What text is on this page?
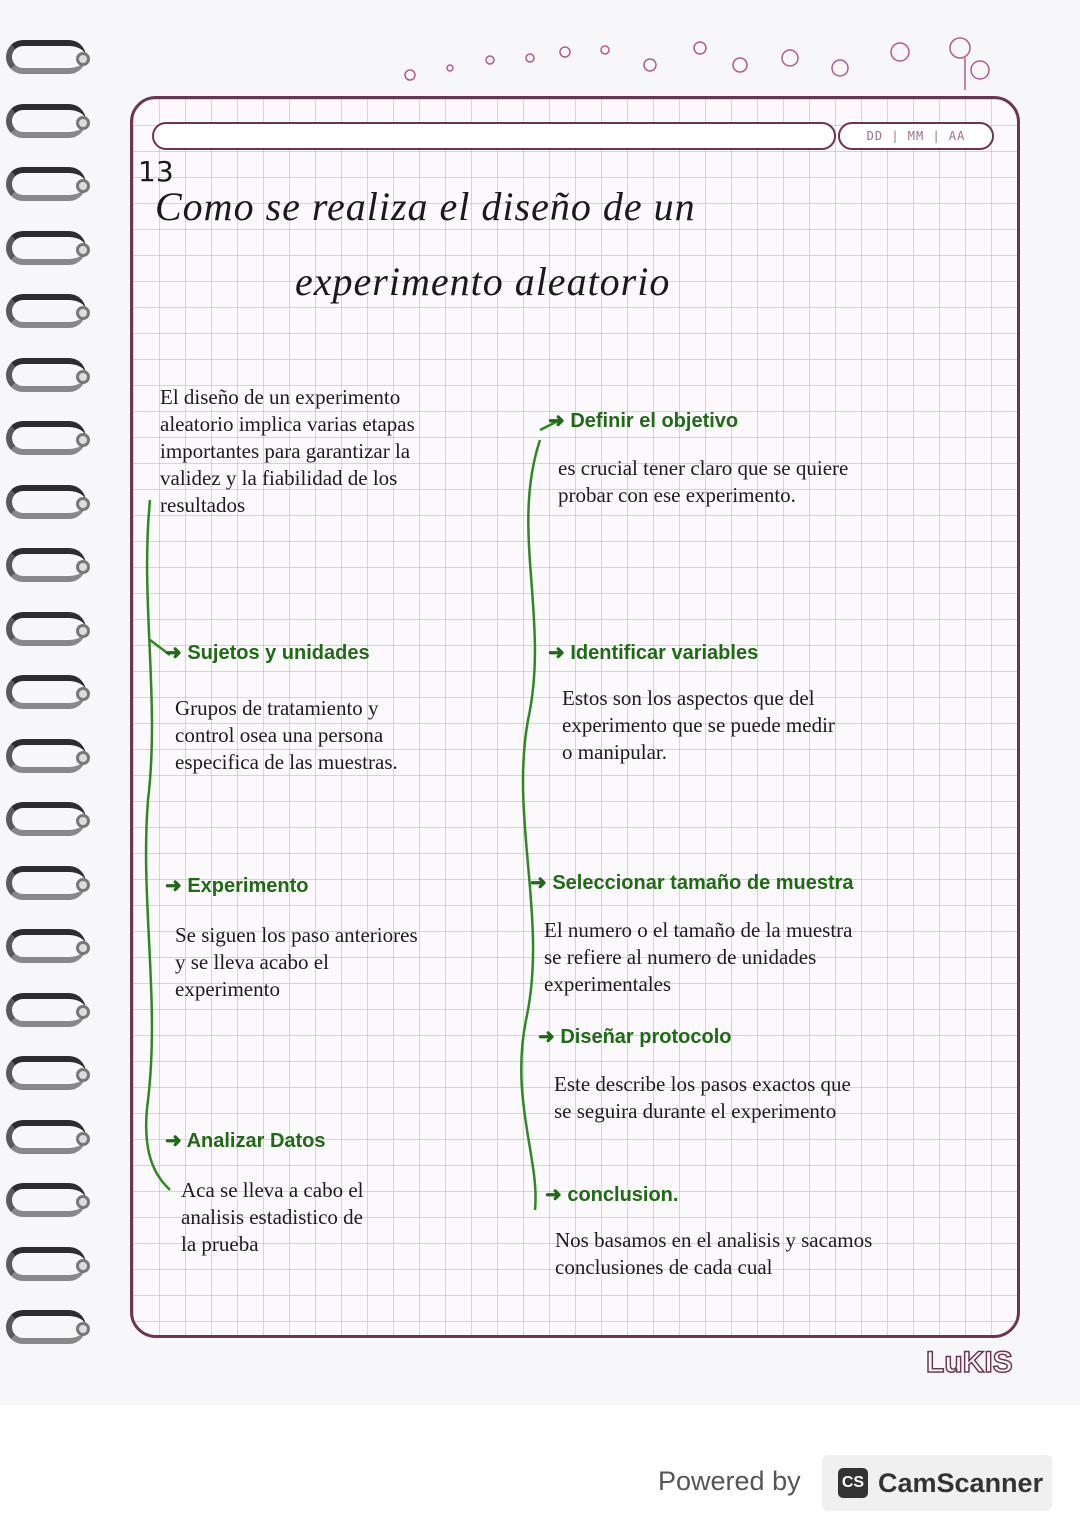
DD | MM | AA
13
Como se realiza el diseño de un
experimento aleatorio
El diseño de un experimento
aleatorio implica varias etapas
importantes para garantizar la
validez y la fiabilidad de los
resultados
➜ Sujetos y unidades
Grupos de tratamiento y
control osea una persona
especifica de las muestras.
➜ Experimento
Se siguen los paso anteriores
y se lleva acabo el
experimento
➜ Analizar Datos
Aca se lleva a cabo el
analisis estadistico de
la prueba
➜ Definir el objetivo
es crucial tener claro que se quiere
probar con ese experimento.
➜ Identificar variables
Estos son los aspectos que del
experimento que se puede medir
o manipular.
➜ Seleccionar tamaño de muestra
El numero o el tamaño de la muestra
se refiere al numero de unidades
experimentales
➜ Diseñar protocolo
Este describe los pasos exactos que
se seguira durante el experimento
➜ conclusion.
Nos basamos en el analisis y sacamos
conclusiones de cada cual
LuKIS
Powered by	CS CamScanner
